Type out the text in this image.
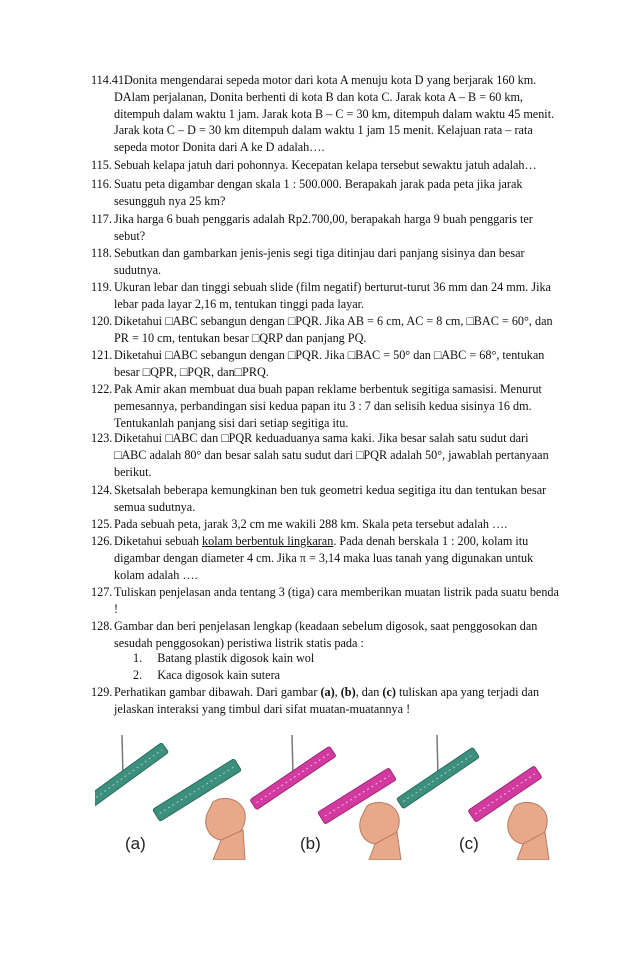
114.41.
Donita mengendarai sepeda motor dari kota A menuju kota D yang berjarak 160 km. DAlam perjalanan, Donita berhenti di kota B dan kota C. Jarak kota A – B = 60 km, ditempuh dalam waktu 1 jam. Jarak kota B – C = 30 km, ditempuh dalam waktu 45 menit. Jarak kota C – D = 30 km ditempuh dalam waktu 1 jam 15 menit. Kelajuan rata – rata sepeda motor Donita dari A ke D adalah….
115. Sebuah kelapa jatuh dari pohonnya. Kecepatan kelapa tersebut sewaktu jatuh adalah…
116. Suatu peta digambar dengan skala 1 : 500.000. Berapakah jarak pada peta jika jarak sesungguh nya 25 km?
117. Jika harga 6 buah penggaris adalah Rp2.700,00, berapakah harga 9 buah penggaris ter sebut?
118. Sebutkan dan gambarkan jenis-jenis segi tiga ditinjau dari panjang sisinya dan besar sudutnya.
119. Ukuran lebar dan tinggi sebuah slide (film negatif) berturut-turut 36 mm dan 24 mm. Jika lebar pada layar 2,16 m, tentukan tinggi pada layar.
120. Diketahui □ABC sebangun dengan □PQR. Jika AB = 6 cm, AC = 8 cm, □BAC = 60°, dan PR = 10 cm, tentukan besar □QRP dan panjang PQ.
121. Diketahui □ABC sebangun dengan □PQR. Jika □BAC = 50° dan □ABC = 68°, tentukan besar □QPR, □PQR, dan□PRQ.
122. Pak Amir akan membuat dua buah papan reklame berbentuk segitiga samasisi. Menurut pemesannya, perbandingan sisi kedua papan itu 3 : 7 dan selisih kedua sisinya 16 dm. Tentukanlah panjang sisi dari setiap segitiga itu.
123. Diketahui □ABC dan □PQR keduaduanya sama kaki. Jika besar salah satu sudut dari □ABC adalah 80° dan besar salah satu sudut dari □PQR adalah 50°, jawablah pertanyaan berikut.
124. Sketsalah beberapa kemungkinan ben tuk geometri kedua segitiga itu dan tentukan besar semua sudutnya.
125. Pada sebuah peta, jarak 3,2 cm me wakili 288 km. Skala peta tersebut adalah ….
126. Diketahui sebuah kolam berbentuk lingkaran. Pada denah berskala 1 : 200, kolam itu digambar dengan diameter 4 cm. Jika π = 3,14 maka luas tanah yang digunakan untuk kolam adalah ….
127. Tuliskan penjelasan anda tentang 3 (tiga) cara memberikan muatan listrik pada suatu benda !
128. Gambar dan beri penjelasan lengkap (keadaan sebelum digosok, saat penggosokan dan sesudah penggosokan) peristiwa listrik statis pada :
1. Batang plastik digosok kain wol
2. Kaca digosok kain sutera
129. Perhatikan gambar dibawah. Dari gambar (a), (b), dan (c) tuliskan apa yang terjadi dan jelaskan interaksi yang timbul dari sifat muatan-muatannya !
(a)	(b)	(c)
